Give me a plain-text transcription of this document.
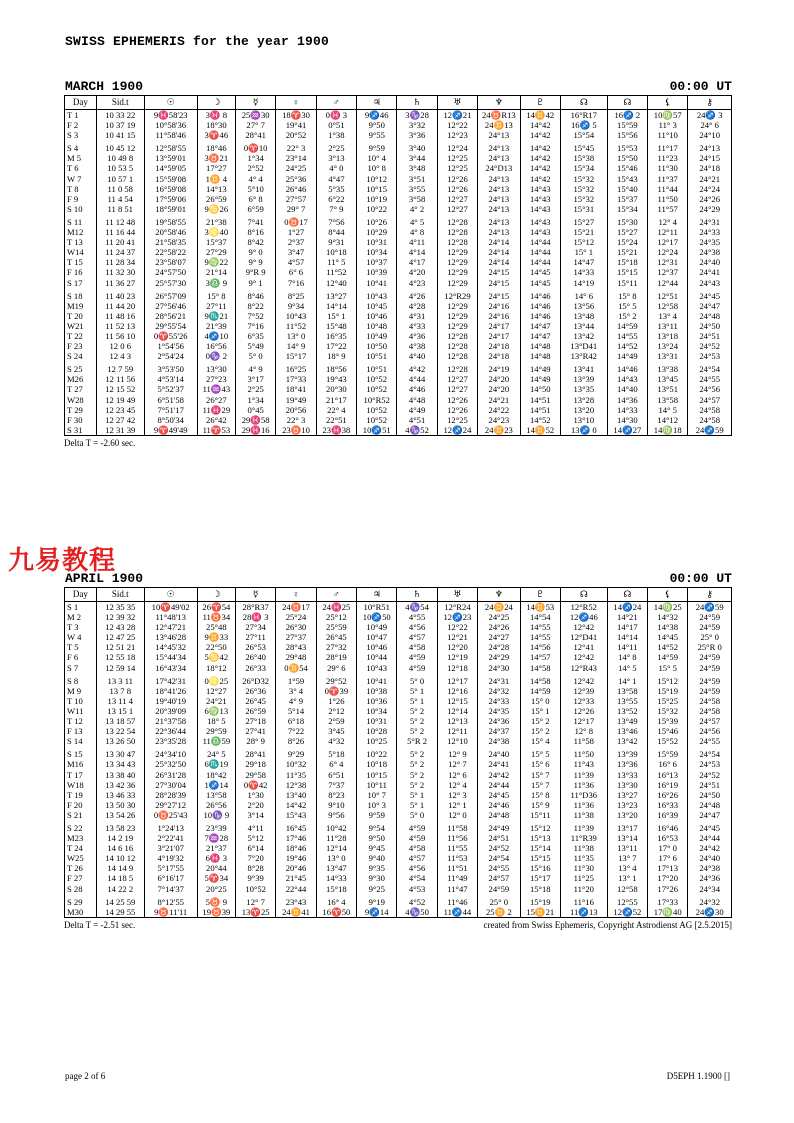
SWISS EPHEMERIS for the year 1900
MARCH 1900	00:00 UT
Day	Sid.t	☉	☽	☿	♀	♂	♃	♄	♅	♆	♇	☊	☊	⚸	⚷
T 1	10 33 22	9♓58'23	3♓ 8	25♒30	18♈30	0♓ 3	9♐46	3♑28	12♐21	24♉R13	14♊42	16°R17	16♐ 2	10♍57	24♐ 3
F 2	10 37 19	10°58'36	18°30	27° 7	19°41	0°51	9°50	3°32	12°22	24♊13	14°42	16♐ 5	15°59	11° 3	24° 6
S 3	10 41 15	11°58'46	3♈46	28°41	20°52	1°38	9°55	3°36	12°23	24°13	14°42	15°54	15°56	11°10	24°10

S 4	10 45 12	12°58'55	18°46	0♈10	22° 3	2°25	9°59	3°40	12°24	24°13	14°42	15°45	15°53	11°17	24°13
M 5	10 49 8	13°59'01	3♉21	1°34	23°14	3°13	10° 4	3°44	12°25	24°13	14°42	15°38	15°50	11°23	24°15
T 6	10 53 5	14°59'05	17°27	2°52	24°25	4° 0	10° 8	3°48	12°25	24°D13	14°42	15°34	15°46	11°30	24°18
W 7	10 57 1	15°59'08	1♊ 4	4° 4	25°36	4°47	10°12	3°51	12°26	24°13	14°42	15°32	15°43	11°37	24°21
T 8	11 0 58	16°59'08	14°13	5°10	26°46	5°35	10°15	3°55	12°26	24°13	14°43	15°32	15°40	11°44	24°24
F 9	11 4 54	17°59'06	26°59	6° 8	27°57	6°22	10°19	3°58	12°27	24°13	14°43	15°32	15°37	11°50	24°26
S 10	11 8 51	18°59'01	9♋26	6°59	29° 7	7° 9	10°22	4° 2	12°27	24°13	14°43	15°31	15°34	11°57	24°29

S 11	11 12 48	19°58'55	21°38	7°41	0♉17	7°56	10°26	4° 5	12°28	24°13	14°43	15°27	15°30	12° 4	24°31
M12	11 16 44	20°58'46	3♌40	8°16	1°27	8°44	10°29	4° 8	12°28	24°13	14°43	15°21	15°27	12°11	24°33
T 13	11 20 41	21°58'35	15°37	8°42	2°37	9°31	10°31	4°11	12°28	24°14	14°44	15°12	15°24	12°17	24°35
W14	11 24 37	22°58'22	27°29	9° 0	3°47	10°18	10°34	4°14	12°29	24°14	14°44	15° 1	15°21	12°24	24°38
T 15	11 28 34	23°58'07	9♍22	9° 9	4°57	11° 5	10°37	4°17	12°29	24°14	14°44	14°47	15°18	12°31	24°40
F 16	11 32 30	24°57'50	21°14	9°R 9	6° 6	11°52	10°39	4°20	12°29	24°15	14°45	14°33	15°15	12°37	24°41
S 17	11 36 27	25°57'30	3♎ 9	9° 1	7°16	12°40	10°41	4°23	12°29	24°15	14°45	14°19	15°11	12°44	24°43

S 18	11 40 23	26°57'09	15° 8	8°46	8°25	13°27	10°43	4°26	12°R29	24°15	14°46	14° 6	15° 8	12°51	24°45
M19	11 44 20	27°56'46	27°11	8°22	9°34	14°14	10°45	4°28	12°29	24°16	14°46	13°56	15° 5	12°58	24°47
T 20	11 48 16	28°56'21	9♏21	7°52	10°43	15° 1	10°46	4°31	12°29	24°16	14°46	13°48	15° 2	13° 4	24°48
W21	11 52 13	29°55'54	21°39	7°16	11°52	15°48	10°48	4°33	12°29	24°17	14°47	13°44	14°59	13°11	24°50
T 22	11 56 10	0♈55'26	4♐10	6°35	13° 0	16°35	10°49	4°36	12°28	24°17	14°47	13°42	14°55	13°18	24°51
F 23	12 0 6	1°54'56	16°56	5°49	14° 9	17°22	10°50	4°38	12°28	24°18	14°48	13°D41	14°52	13°24	24°52
S 24	12 4 3	2°54'24	0♑ 2	5° 0	15°17	18° 9	10°51	4°40	12°28	24°18	14°48	13°R42	14°49	13°31	24°53

S 25	12 7 59	3°53'50	13°30	4° 9	16°25	18°56	10°51	4°42	12°28	24°19	14°49	13°41	14°46	13°38	24°54
M26	12 11 56	4°53'14	27°23	3°17	17°33	19°43	10°52	4°44	12°27	24°20	14°49	13°39	14°43	13°45	24°55
T 27	12 15 52	5°52'37	11♒43	2°25	18°41	20°30	10°52	4°46	12°27	24°20	14°50	13°35	14°40	13°51	24°56
W28	12 19 49	6°51'58	26°27	1°34	19°49	21°17	10°R52	4°48	12°26	24°21	14°51	13°28	14°36	13°58	24°57
T 29	12 23 45	7°51'17	11♓29	0°45	20°56	22° 4	10°52	4°49	12°26	24°22	14°51	13°20	14°33	14° 5	24°58
F 30	12 27 42	8°50'34	26°42	29♓58	22° 3	22°51	10°52	4°51	12°25	24°23	14°52	13°10	14°30	14°12	24°58
S 31	12 31 39	9♈49'49	11♈53	29♓16	23♉10	23♓38	10♐51	4♑52	12♐24	24♊23	14♊52	13♐ 0	14♐27	14♍18	24♐59
Delta T = -2.60 sec.
九易教程
APRIL 1900	00:00 UT
Day	Sid.t	☉	☽	☿	♀	♂	♃	♄	♅	♆	♇	☊	☊	⚸	⚷
S 1	12 35 35	10♈49'02	26♈54	28°R37	24♉17	24♓25	10°R51	4♑54	12°R24	24♊24	14♊53	12°R52	14♐24	14♍25	24♐59
M 2	12 39 32	11°48'13	11♉34	28♓ 3	25°24	25°12	10♐50	4°55	12♐23	24°25	14°54	12♐46	14°21	14°32	24°59
T 3	12 43 28	12°47'21	25°48	27°34	26°30	25°59	10°49	4°56	12°22	24°26	14°55	12°42	14°17	14°38	24°59
W 4	12 47 25	13°46'28	9♊33	27°11	27°37	26°45	10°47	4°57	12°21	24°27	14°55	12°D41	14°14	14°45	25° 0
T 5	12 51 21	14°45'32	22°50	26°53	28°43	27°32	10°46	4°58	12°20	24°28	14°56	12°41	14°11	14°52	25°R 0
F 6	12 55 18	15°44'34	5♋42	26°40	29°48	28°19	10°44	4°59	12°19	24°29	14°57	12°42	14° 8	14°59	24°59
S 7	12 59 14	16°43'34	18°12	26°33	0♊54	29° 6	10°43	4°59	12°18	24°30	14°58	12°R43	14° 5	15° 5	24°59

S 8	13 3 11	17°42'31	0♌25	26°D32	1°59	29°52	10°41	5° 0	12°17	24°31	14°58	12°42	14° 1	15°12	24°59
M 9	13 7 8	18°41'26	12°27	26°36	3° 4	0♈39	10°38	5° 1	12°16	24°32	14°59	12°39	13°58	15°19	24°59
T 10	13 11 4	19°40'19	24°21	26°45	4° 9	1°26	10°36	5° 1	12°15	24°33	15° 0	12°33	13°55	15°25	24°58
W11	13 15 1	20°39'09	6♍13	26°59	5°14	2°12	10°34	5° 2	12°14	24°35	15° 1	12°26	13°52	15°32	24°58
T 12	13 18 57	21°37'58	18° 5	27°18	6°18	2°59	10°31	5° 2	12°13	24°36	15° 2	12°17	13°49	15°39	24°57
F 13	13 22 54	22°36'44	29°59	27°41	7°22	3°45	10°28	5° 2	12°11	24°37	15° 2	12° 8	13°46	15°46	24°56
S 14	13 26 50	23°35'28	11♎59	28° 9	8°26	4°32	10°25	5°R 2	12°10	24°38	15° 4	11°58	13°42	15°52	24°55

S 15	13 30 47	24°34'10	24° 5	28°41	9°29	5°18	10°22	5° 2	12° 9	24°40	15° 5	11°50	13°39	15°59	24°54
M16	13 34 43	25°32'50	6♏19	29°18	10°32	6° 4	10°18	5° 2	12° 7	24°41	15° 6	11°43	13°36	16° 6	24°53
T 17	13 38 40	26°31'28	18°42	29°58	11°35	6°51	10°15	5° 2	12° 6	24°42	15° 7	11°39	13°33	16°13	24°52
W18	13 42 36	27°30'04	1♐14	0♈42	12°38	7°37	10°11	5° 2	12° 4	24°44	15° 7	11°36	13°30	16°19	24°51
T 19	13 46 33	28°28'39	13°58	1°30	13°40	8°23	10° 7	5° 1	12° 3	24°45	15° 8	11°D36	13°27	16°26	24°50
F 20	13 50 30	29°27'12	26°56	2°20	14°42	9°10	10° 3	5° 1	12° 1	24°46	15° 9	11°36	13°23	16°33	24°48
S 21	13 54 26	0♉25'43	10♑ 9	3°14	15°43	9°56	9°59	5° 0	12° 0	24°48	15°11	11°38	13°20	16°39	24°47

S 22	13 58 23	1°24'13	23°39	4°11	16°45	10°42	9°54	4°59	11°58	24°49	15°12	11°39	13°17	16°46	24°45
M23	14 2 19	2°22'41	7♒28	5°12	17°46	11°28	9°50	4°59	11°56	24°51	15°13	11°R39	13°14	16°53	24°44
T 24	14 6 16	3°21'07	21°37	6°14	18°46	12°14	9°45	4°58	11°55	24°52	15°14	11°38	13°11	17° 0	24°42
W25	14 10 12	4°19'32	6♓ 3	7°20	19°46	13° 0	9°40	4°57	11°53	24°54	15°15	11°35	13° 7	17° 6	24°40
T 26	14 14 9	5°17'55	20°44	8°28	20°46	13°47	9°35	4°56	11°51	24°55	15°16	11°30	13° 4	17°13	24°38
F 27	14 18 5	6°16'17	5♈34	9°39	21°45	14°33	9°30	4°54	11°49	24°57	15°17	11°25	13° 1	17°20	24°36
S 28	14 22 2	7°14'37	20°25	10°52	22°44	15°18	9°25	4°53	11°47	24°59	15°18	11°20	12°58	17°26	24°34

S 29	14 25 59	8°12'55	5♉ 9	12° 7	23°43	16° 4	9°19	4°52	11°46	25° 0	15°19	11°16	12°55	17°33	24°32
M30	14 29 55	9♉11'11	19♉39	13♈25	24♊41	16♈50	9♐14	4♑50	11♐44	25♊ 2	15♊21	11♐13	12♐52	17♍40	24♐30
Delta T = -2.51 sec.	created from Swiss Ephemeris, Copyright Astrodienst AG [2.5.2015]
page 2 of 6	D5EPH 1.1900 []
